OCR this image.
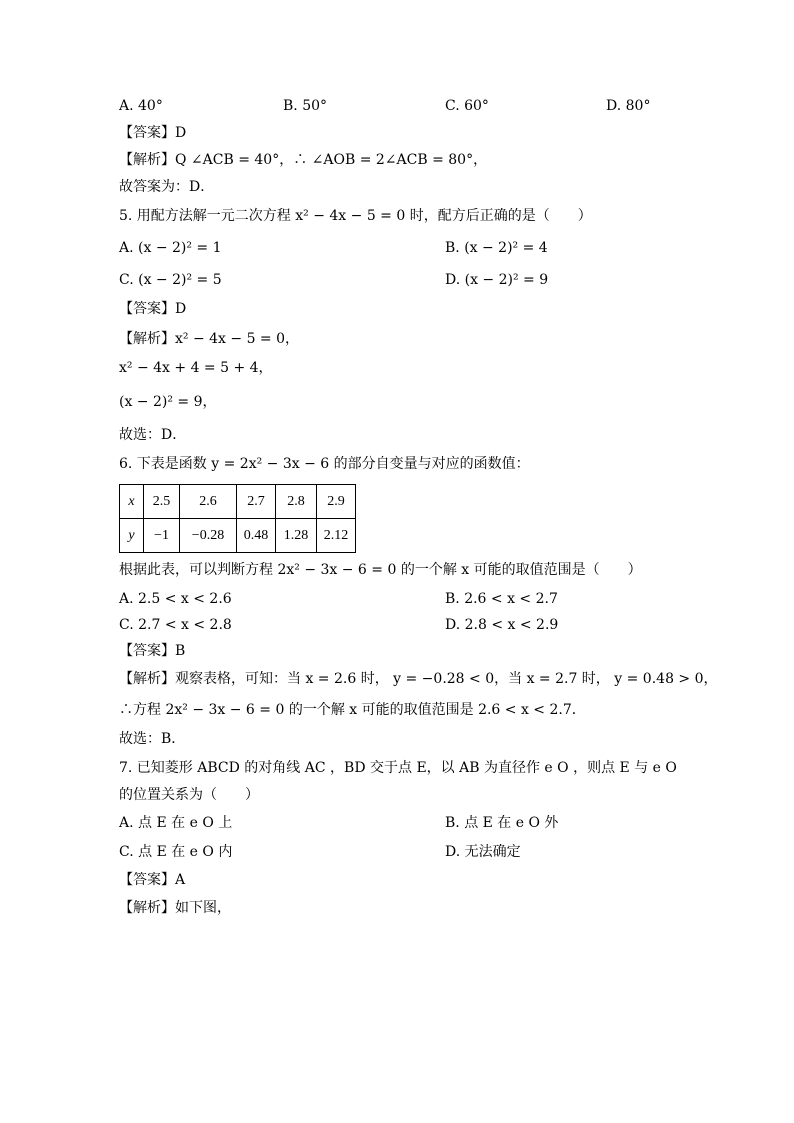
A. 40°	B. 50°	C. 60°	D. 80°
【答案】D
【解析】Q ∠ACB = 40°，∴ ∠AOB = 2∠ACB = 80°，
故答案为：D．
5. 用配方法解一元二次方程 x² − 4x − 5 = 0 时，配方后正确的是（　　）
A. (x − 2)² = 1	B. (x − 2)² = 4
C. (x − 2)² = 5	D. (x − 2)² = 9
【答案】D
【解析】x² − 4x − 5 = 0，
x² − 4x + 4 = 5 + 4，
(x − 2)² = 9，
故选：D．
6. 下表是函数 y = 2x² − 3x − 6 的部分自变量与对应的函数值：
x	2.5	2.6	2.7	2.8	2.9
y	−1	−0.28	0.48	1.28	2.12
根据此表，可以判断方程 2x² − 3x − 6 = 0 的一个解 x 可能的取值范围是（　　）
A. 2.5 < x < 2.6	B. 2.6 < x < 2.7
C. 2.7 < x < 2.8	D. 2.8 < x < 2.9
【答案】B
【解析】观察表格，可知：当 x = 2.6 时， y = −0.28 < 0，当 x = 2.7 时， y = 0.48 > 0，
∴方程 2x² − 3x − 6 = 0 的一个解 x 可能的取值范围是 2.6 < x < 2.7．
故选：B．
7. 已知菱形 ABCD 的对角线 AC ，BD 交于点 E，以 AB 为直径作 e O ，则点 E 与 e O
的位置关系为（　　）
A. 点 E 在 e O 上	B. 点 E 在 e O 外
C. 点 E 在 e O 内	D. 无法确定
【答案】A
【解析】如下图，
